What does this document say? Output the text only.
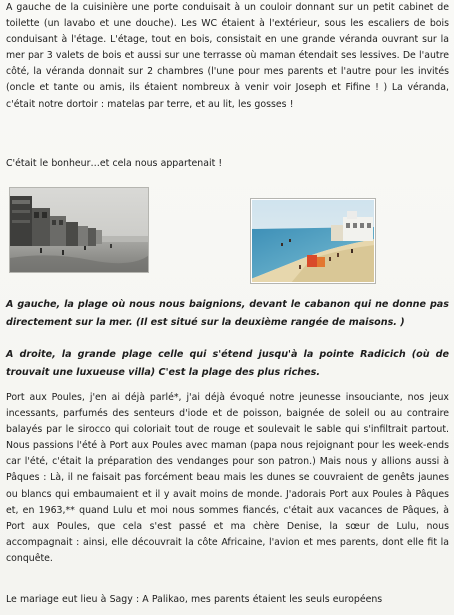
A gauche de la cuisinière une porte conduisait à un couloir donnant sur un petit cabinet de toilette (un lavabo et une douche). Les WC étaient à l'extérieur, sous les escaliers de bois conduisant à l'étage. L'étage, tout en bois, consistait en une grande véranda ouvrant sur la mer par 3 valets de bois et aussi sur une terrasse où maman étendait ses lessives. De l'autre côté, la véranda donnait sur 2 chambres (l'une pour mes parents et l'autre pour les invités (oncle et tante ou amis, ils étaient nombreux à venir voir Joseph et Fifine ! ) La véranda, c'était notre dortoir : matelas par terre, et au lit, les gosses !

C'était le bonheur…et cela nous appartenait !

A gauche, la plage où nous nous baignions, devant le cabanon qui ne donne pas directement sur la mer. (Il est situé sur la deuxième rangée de maisons. )

A droite, la grande plage celle qui s'étend jusqu'à la pointe Radicich (où de trouvait une luxueuse villa) C'est la plage des plus riches.

Port aux Poules, j'en ai déjà parlé*, j'ai déjà évoqué notre jeunesse insouciante, nos jeux incessants, parfumés des senteurs d'iode et de poisson, baignée de soleil ou au contraire balayés par le sirocco qui coloriait tout de rouge et soulevait le sable qui s'infiltrait partout. Nous passions l'été à Port aux Poules avec maman (papa nous rejoignant pour les week-ends car l'été, c'était la préparation des vendanges pour son patron.) Mais nous y allions aussi à Pâques : Là, il ne faisait pas forcément beau mais les dunes se couvraient de genêts jaunes ou blancs qui embaumaient et il y avait moins de monde. J'adorais Port aux Poules à Pâques et, en 1963,** quand Lulu et moi nous sommes fiancés, c'était aux vacances de Pâques, à Port aux Poules, que cela s'est passé et ma chère Denise, la sœur de Lulu, nous accompagnait : ainsi, elle découvrait la côte Africaine, l'avion et mes parents, dont elle fit la conquête.

Le mariage eut lieu à Sagy : A Palikao, mes parents étaient les seuls européens
